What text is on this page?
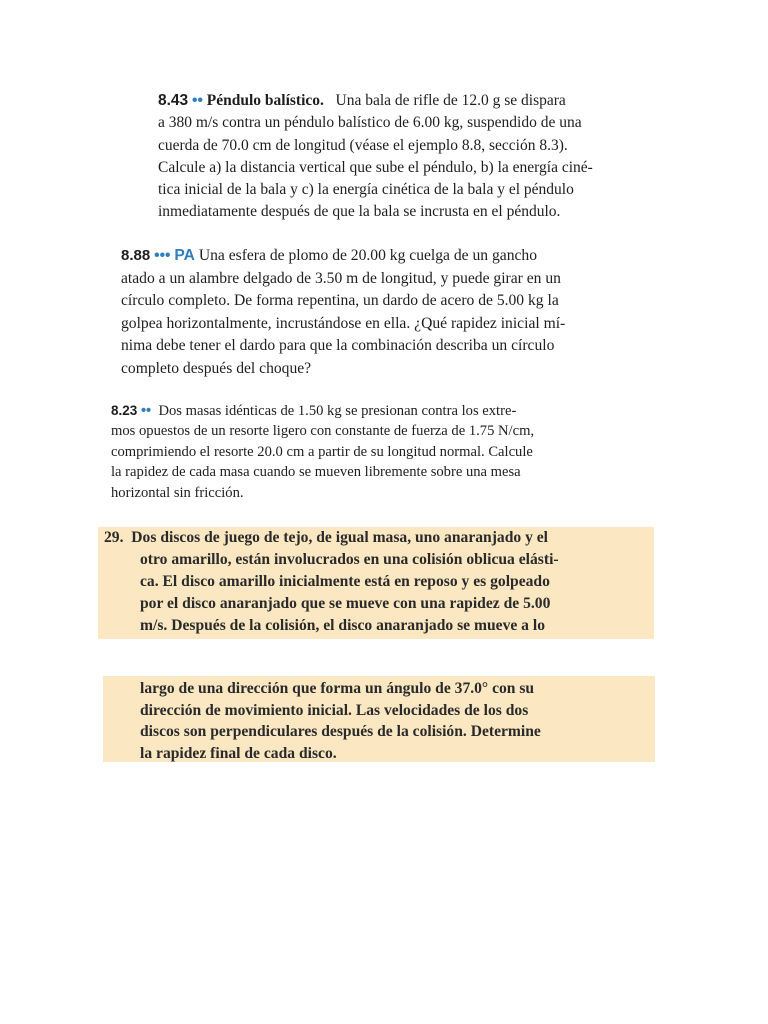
8.43 •• Péndulo balístico. Una bala de rifle de 12.0 g se dispara
a 380 m/s contra un péndulo balístico de 6.00 kg, suspendido de una
cuerda de 70.0 cm de longitud (véase el ejemplo 8.8, sección 8.3).
Calcule a) la distancia vertical que sube el péndulo, b) la energía ciné-
tica inicial de la bala y c) la energía cinética de la bala y el péndulo
inmediatamente después de que la bala se incrusta en el péndulo.
8.88 ••• PA Una esfera de plomo de 20.00 kg cuelga de un gancho
atado a un alambre delgado de 3.50 m de longitud, y puede girar en un
círculo completo. De forma repentina, un dardo de acero de 5.00 kg la
golpea horizontalmente, incrustándose en ella. ¿Qué rapidez inicial mí-
nima debe tener el dardo para que la combinación describa un círculo
completo después del choque?
8.23 •• Dos masas idénticas de 1.50 kg se presionan contra los extre-
mos opuestos de un resorte ligero con constante de fuerza de 1.75 N/cm,
comprimiendo el resorte 20.0 cm a partir de su longitud normal. Calcule
la rapidez de cada masa cuando se mueven libremente sobre una mesa
horizontal sin fricción.
29. Dos discos de juego de tejo, de igual masa, uno anaranjado y el
otro amarillo, están involucrados en una colisión oblicua elásti-
ca. El disco amarillo inicialmente está en reposo y es golpeado
por el disco anaranjado que se mueve con una rapidez de 5.00
m/s. Después de la colisión, el disco anaranjado se mueve a lo
largo de una dirección que forma un ángulo de 37.0° con su
dirección de movimiento inicial. Las velocidades de los dos
discos son perpendiculares después de la colisión. Determine
la rapidez final de cada disco.
